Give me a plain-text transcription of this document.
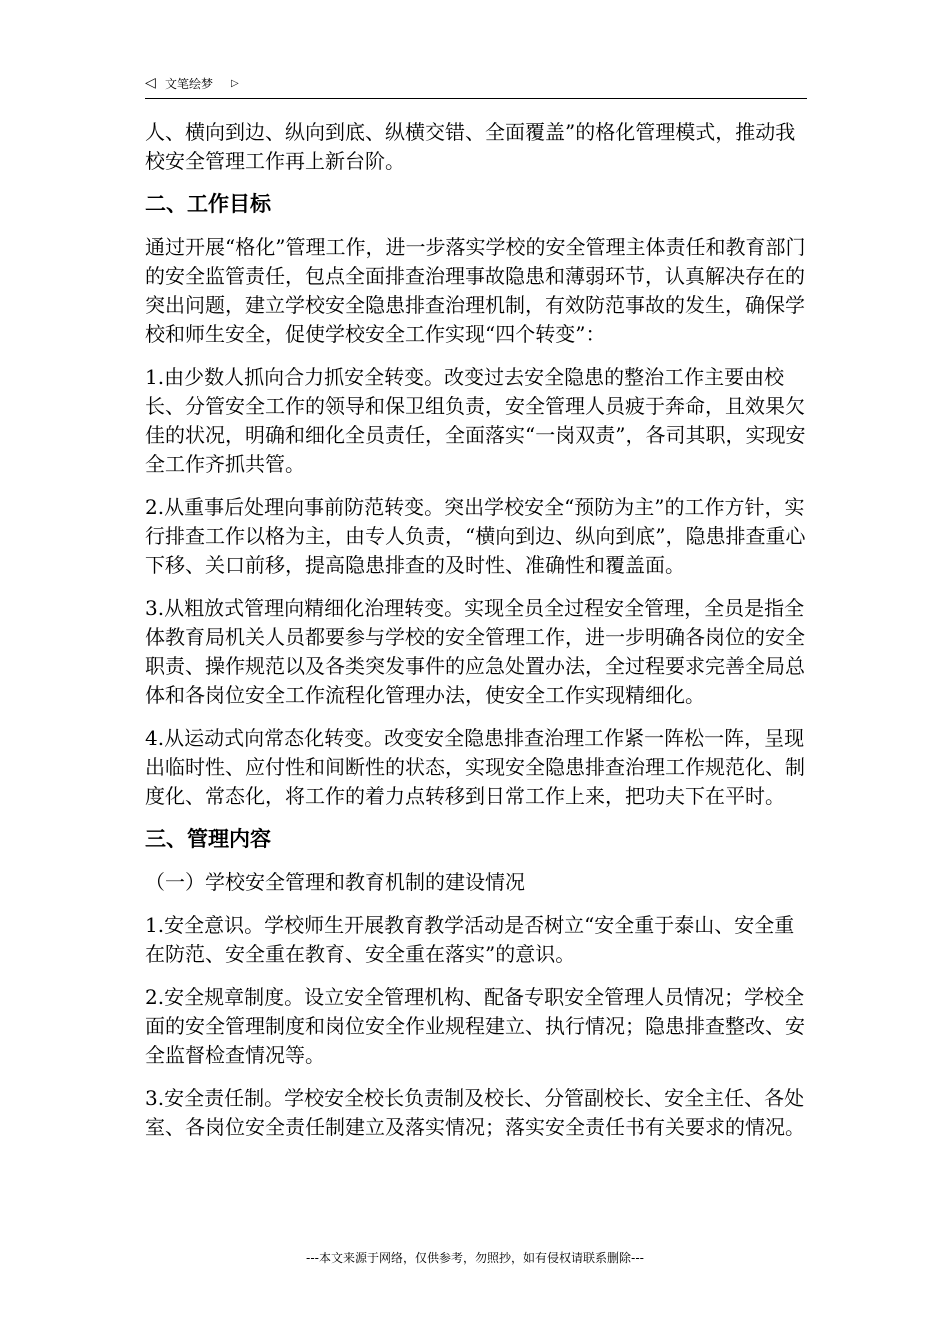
◁ 文笔绘梦 ▷

人、横向到边、纵向到底、纵横交错、全面覆盖”的格化管理模式，推动我校安全管理工作再上新台阶。

二、工作目标

通过开展“格化”管理工作，进一步落实学校的安全管理主体责任和教育部门的安全监管责任，包点全面排查治理事故隐患和薄弱环节，认真解决存在的突出问题，建立学校安全隐患排查治理机制，有效防范事故的发生，确保学校和师生安全，促使学校安全工作实现“四个转变”：

1.由少数人抓向合力抓安全转变。改变过去安全隐患的整治工作主要由校长、分管安全工作的领导和保卫组负责，安全管理人员疲于奔命，且效果欠佳的状况，明确和细化全员责任，全面落实“一岗双责”，各司其职，实现安全工作齐抓共管。

2.从重事后处理向事前防范转变。突出学校安全“预防为主”的工作方针，实行排查工作以格为主，由专人负责，“横向到边、纵向到底”，隐患排查重心下移、关口前移，提高隐患排查的及时性、准确性和覆盖面。

3.从粗放式管理向精细化治理转变。实现全员全过程安全管理，全员是指全体教育局机关人员都要参与学校的安全管理工作，进一步明确各岗位的安全职责、操作规范以及各类突发事件的应急处置办法，全过程要求完善全局总体和各岗位安全工作流程化管理办法，使安全工作实现精细化。

4.从运动式向常态化转变。改变安全隐患排查治理工作紧一阵松一阵，呈现出临时性、应付性和间断性的状态，实现安全隐患排查治理工作规范化、制度化、常态化，将工作的着力点转移到日常工作上来，把功夫下在平时。

三、管理内容

（一）学校安全管理和教育机制的建设情况

1.安全意识。学校师生开展教育教学活动是否树立“安全重于泰山、安全重在防范、安全重在教育、安全重在落实”的意识。

2.安全规章制度。设立安全管理机构、配备专职安全管理人员情况；学校全面的安全管理制度和岗位安全作业规程建立、执行情况；隐患排查整改、安全监督检查情况等。

3.安全责任制。学校安全校长负责制及校长、分管副校长、安全主任、各处室、各岗位安全责任制建立及落实情况；落实安全责任书有关要求的情况。

---本文来源于网络，仅供参考，勿照抄，如有侵权请联系删除---
